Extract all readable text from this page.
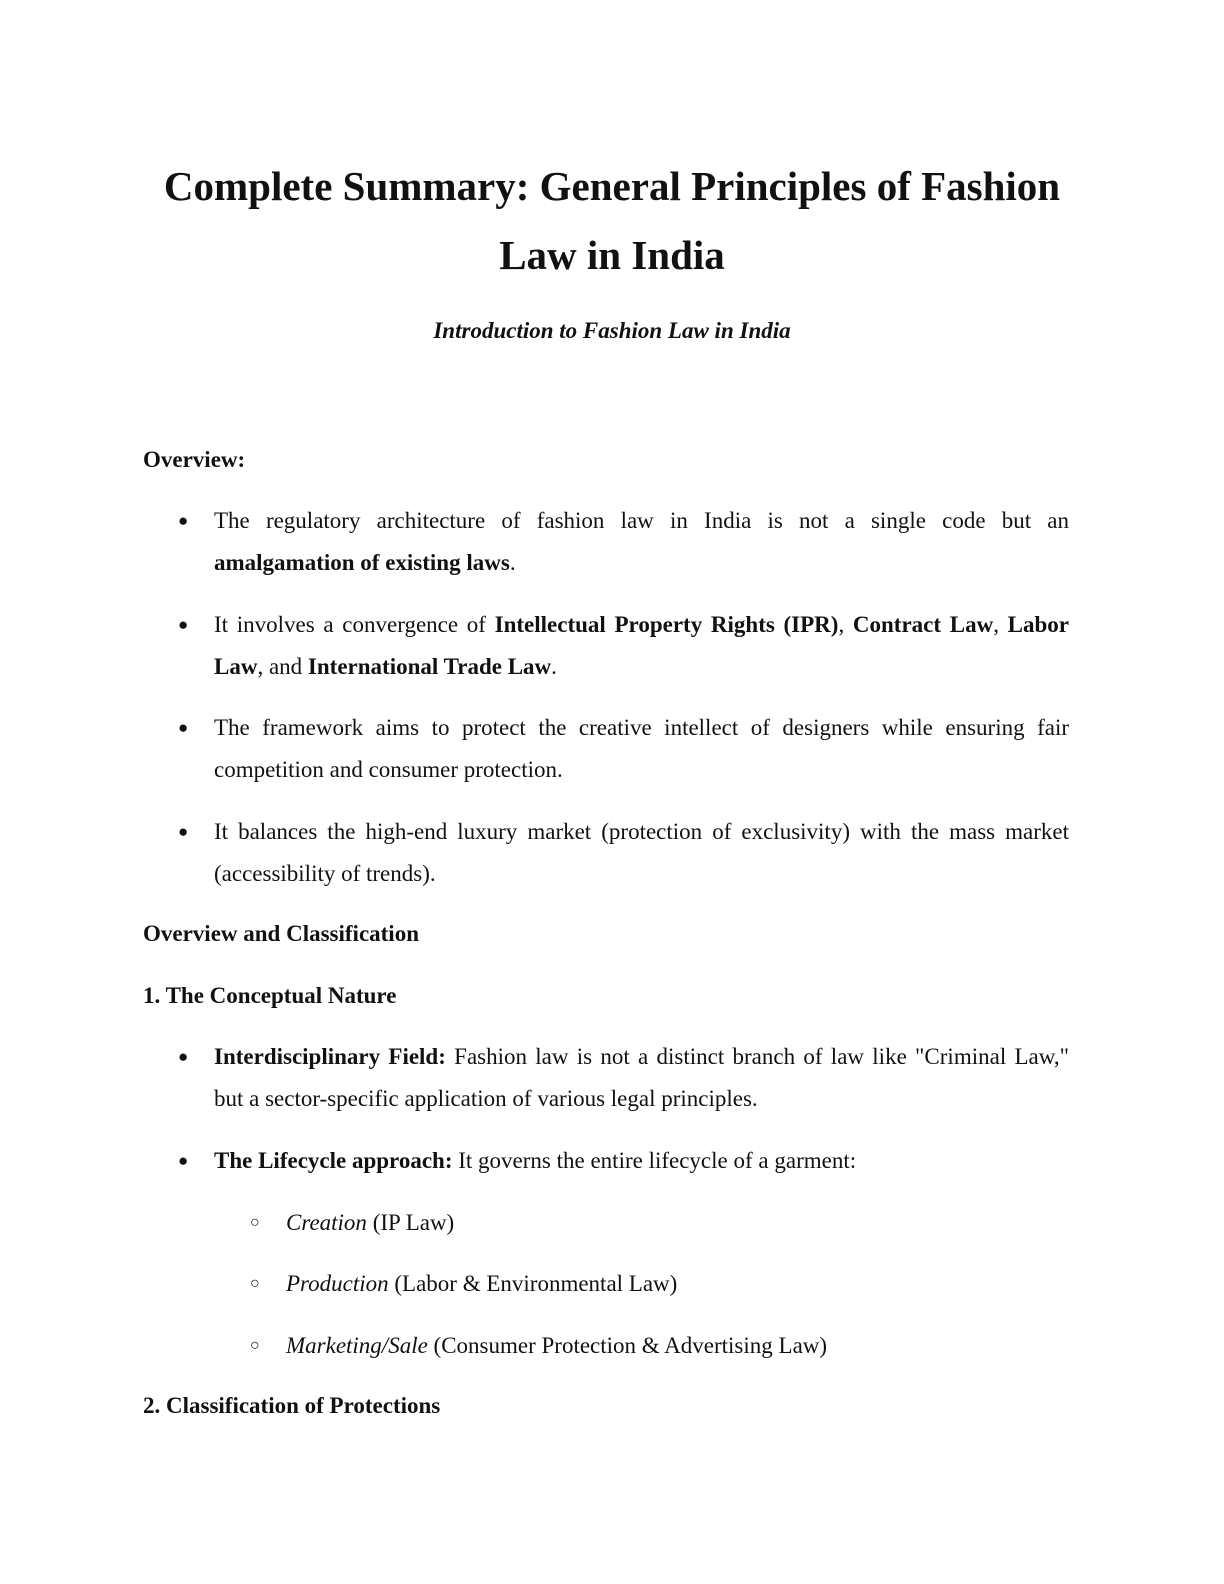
Complete Summary: General Principles of Fashion
Law in India
Introduction to Fashion Law in India
Overview:
● The regulatory architecture of fashion law in India is not a single code but an amalgamation of existing laws.
● It involves a convergence of Intellectual Property Rights (IPR), Contract Law, Labor Law, and International Trade Law.
● The framework aims to protect the creative intellect of designers while ensuring fair competition and consumer protection.
● It balances the high-end luxury market (protection of exclusivity) with the mass market (accessibility of trends).
Overview and Classification
1. The Conceptual Nature
● Interdisciplinary Field: Fashion law is not a distinct branch of law like "Criminal Law," but a sector-specific application of various legal principles.
● The Lifecycle approach: It governs the entire lifecycle of a garment:
○ Creation (IP Law)
○ Production (Labor & Environmental Law)
○ Marketing/Sale (Consumer Protection & Advertising Law)
2. Classification of Protections
